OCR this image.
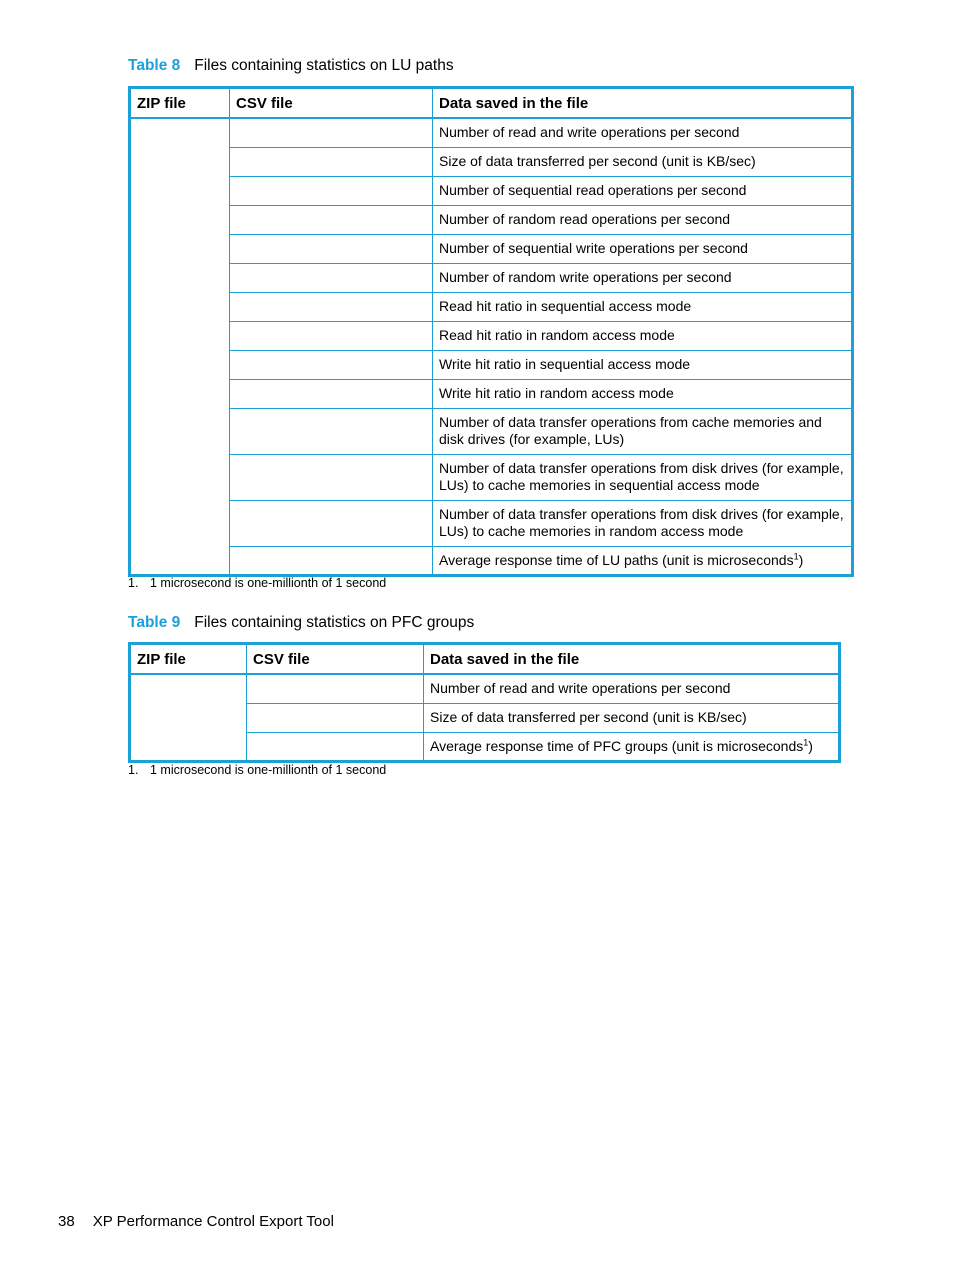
Table 8 Files containing statistics on LU paths
ZIP file	CSV file	Data saved in the file
		Number of read and write operations per second
		Size of data transferred per second (unit is KB/sec)
		Number of sequential read operations per second
		Number of random read operations per second
		Number of sequential write operations per second
		Number of random write operations per second
		Read hit ratio in sequential access mode
		Read hit ratio in random access mode
		Write hit ratio in sequential access mode
		Write hit ratio in random access mode
		Number of data transfer operations from cache memories and disk drives (for example, LUs)
		Number of data transfer operations from disk drives (for example, LUs) to cache memories in sequential access mode
		Number of data transfer operations from disk drives (for example, LUs) to cache memories in random access mode
		Average response time of LU paths (unit is microseconds$^1$)
1. 1 microsecond is one-millionth of 1 second
Table 9 Files containing statistics on PFC groups
ZIP file	CSV file	Data saved in the file
		Number of read and write operations per second
		Size of data transferred per second (unit is KB/sec)
		Average response time of PFC groups (unit is microseconds$^1$)
1. 1 microsecond is one-millionth of 1 second
38 XP Performance Control Export Tool
